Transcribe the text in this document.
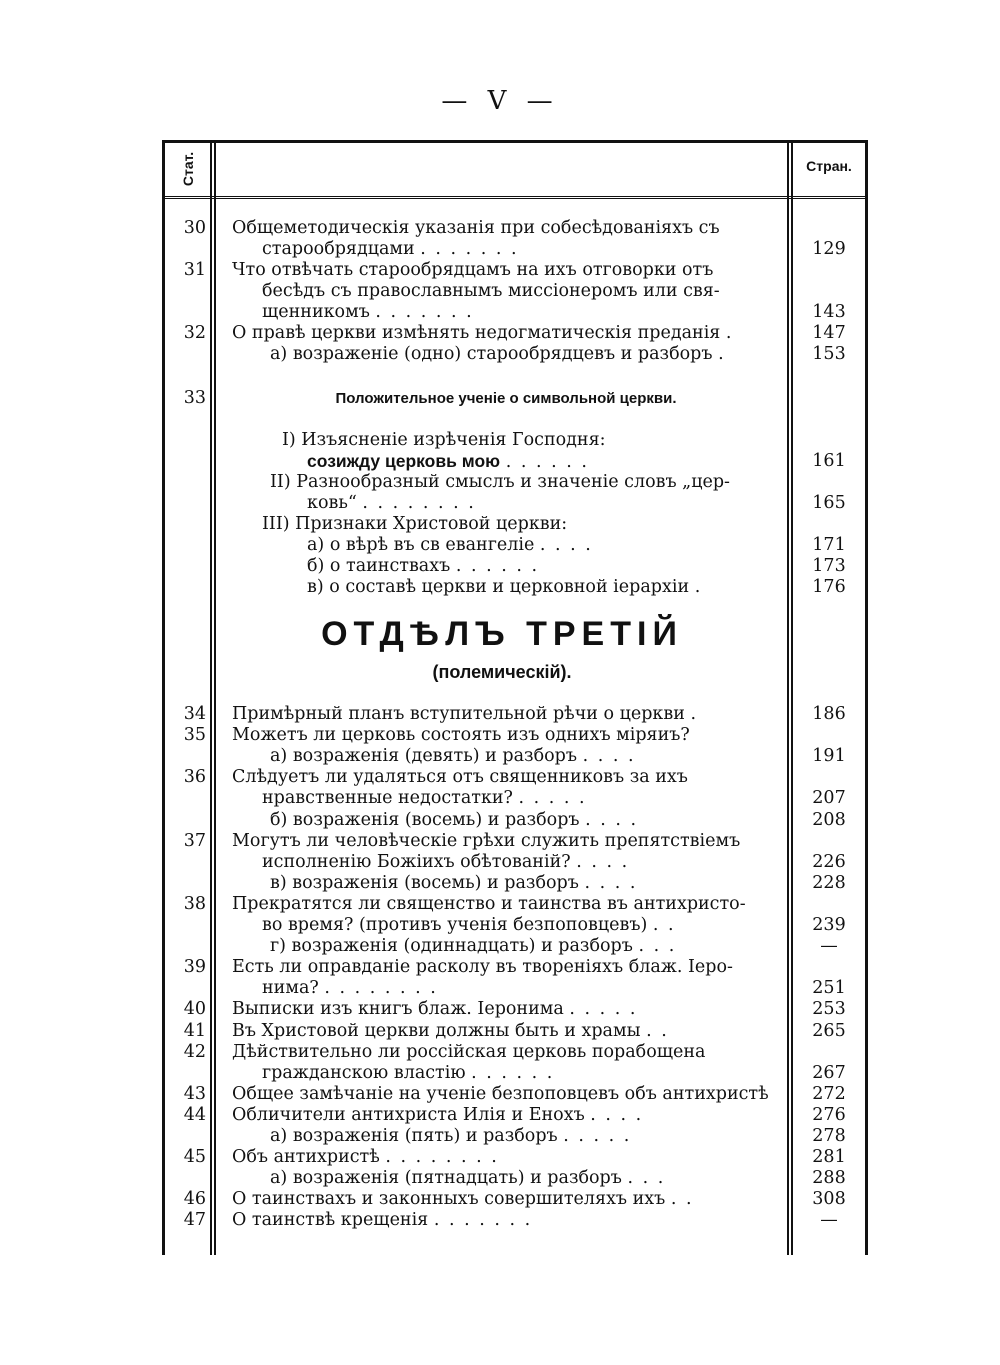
— V —
Стат.	Стран.
30 Общеметодическія указанія при собесѣдованіяхъ съ
старообрядцами . . . . . . .	129
31 Что отвѣчать старообрядцамъ на ихъ отговорки отъ
бесѣдъ съ православнымъ миссіонеромъ или свя-
щенникомъ . . . . . . .	143
32 О правѣ церкви измѣнять недогматическія преданія .	147
а) возраженіе (одно) старообрядцевъ и разборъ .	153
33	Положительное ученіе о символьной церкви.
I) Изъясненіе изрѣченія Господня:
созижду церковь мою . . . . . .	161
II) Разнообразный смыслъ и значеніе словъ „цер-
ковь“ . . . . . . . .	165
III) Признаки Христовой церкви:
а) о вѣрѣ въ св евангеліе . . . .	171
б) о таинствахъ . . . . . .	173
в) о составѣ церкви и церковной іерархіи .	176
ОТДѢЛЪ ТРЕТІЙ
(полемическій).
34 Примѣрный планъ вступительной рѣчи о церкви .	186
35 Можетъ ли церковь состоять изъ однихъ міряиъ?
а) возраженія (девять) и разборъ . . . .	191
36 Слѣдуетъ ли удаляться отъ священниковъ за ихъ
нравственные недостатки? . . . . .	207
б) возраженія (восемь) и разборъ . . . .	208
37 Могутъ ли человѣческіе грѣхи служить препятствіемъ
исполненію Божіихъ обѣтованій? . . . .	226
в) возраженія (восемь) и разборъ . . . .	228
38 Прекратятся ли священство и таинства въ антихристо-
во время? (противъ ученія безпоповцевъ) . .	239
г) возраженія (одиннадцать) и разборъ . . .	—
39 Есть ли оправданіе расколу въ твореніяхъ блаж. Іеро-
нима? . . . . . . . .	251
40 Выписки изъ книгъ блаж. Іеронима . . . . .	253
41 Въ Христовой церкви должны быть и храмы . .	265
42 Дѣйствительно ли россійская церковь порабощена
гражданскою властію . . . . . .	267
43 Общее замѣчаніе на ученіе безпоповцевъ объ антихристѣ	272
44 Обличители антихриста Илія и Енохъ . . . .	276
а) возраженія (пять) и разборъ . . . . .	278
45 Объ антихристѣ . . . . . . . .	281
а) возраженія (пятнадцать) и разборъ . . .	288
46 О таинствахъ и законныхъ совершителяхъ ихъ . .	308
47 О таинствѣ крещенія . . . . . . .	—
